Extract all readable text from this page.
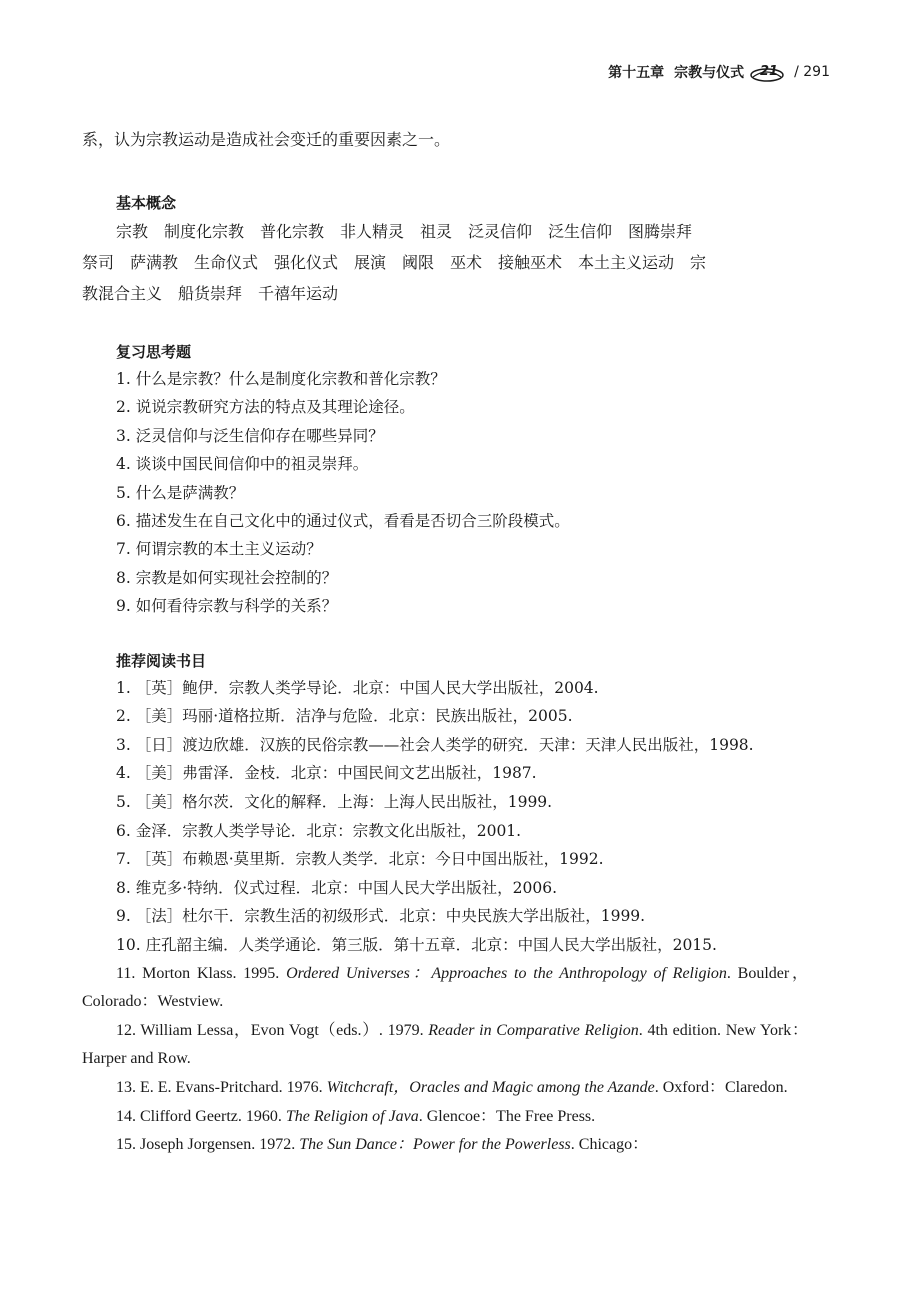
第十五章 宗教与仪式 21 / 291

系，认为宗教运动是造成社会变迁的重要因素之一。

基本概念
宗教　制度化宗教　普化宗教　非人精灵　祖灵　泛灵信仰　泛生信仰　图腾崇拜
祭司　萨满教　生命仪式　强化仪式　展演　阈限　巫术　接触巫术　本土主义运动　宗
教混合主义　船货崇拜　千禧年运动
复习思考题
1. 什么是宗教？什么是制度化宗教和普化宗教？
2. 说说宗教研究方法的特点及其理论途径。
3. 泛灵信仰与泛生信仰存在哪些异同？
4. 谈谈中国民间信仰中的祖灵崇拜。
5. 什么是萨满教？
6. 描述发生在自己文化中的通过仪式，看看是否切合三阶段模式。
7. 何谓宗教的本土主义运动？
8. 宗教是如何实现社会控制的？
9. 如何看待宗教与科学的关系？
推荐阅读书目
1. ［英］鲍伊．宗教人类学导论．北京：中国人民大学出版社，2004.
2. ［美］玛丽·道格拉斯．洁净与危险．北京：民族出版社，2005.
3. ［日］渡边欣雄．汉族的民俗宗教——社会人类学的研究．天津：天津人民出版社，1998.
4. ［美］弗雷泽．金枝．北京：中国民间文艺出版社，1987.
5. ［美］格尔茨．文化的解释．上海：上海人民出版社，1999.
6. 金泽．宗教人类学导论．北京：宗教文化出版社，2001.
7. ［英］布赖恩·莫里斯．宗教人类学．北京：今日中国出版社，1992.
8. 维克多·特纳．仪式过程．北京：中国人民大学出版社，2006.
9. ［法］杜尔干．宗教生活的初级形式．北京：中央民族大学出版社，1999.
10. 庄孔韶主编．人类学通论．第三版．第十五章．北京：中国人民大学出版社，2015.
11. Morton Klass. 1995. Ordered Universes：Approaches to the Anthropology of Religion. Boulder，Colorado：Westview.
12. William Lessa，Evon Vogt（eds.）. 1979. Reader in Comparative Religion. 4th edition. New York：Harper and Row.
13. E. E. Evans-Pritchard. 1976. Witchcraft，Oracles and Magic among the Azande. Oxford：Claredon.
14. Clifford Geertz. 1960. The Religion of Java. Glencoe：The Free Press.
15. Joseph Jorgensen. 1972. The Sun Dance：Power for the Powerless. Chicago：
